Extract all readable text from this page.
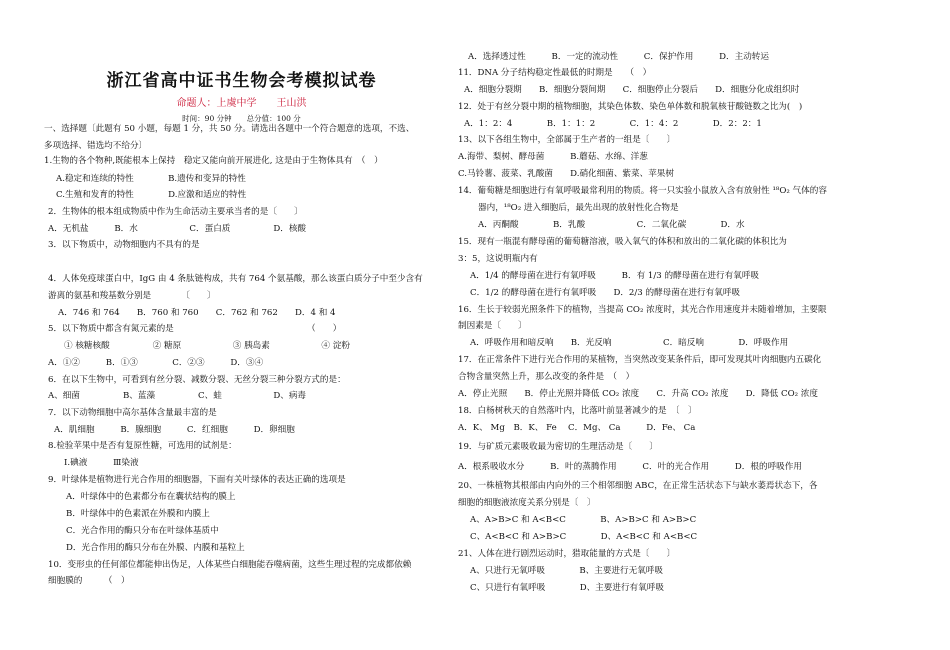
浙江省高中证书生物会考模拟试卷
命题人：上虞中学　　王山洪
时间：90 分钟　　总分值：100 分
一、选择题〔此题有 50 小题，每题 1 分，共 50 分。请选出各题中一个符合题意的选项，不选、
多项选择、错选均不给分〕
1.生物的各个物种,既能根本上保持　稳定又能向前开展进化, 这是由于生物体具有　（　）
A.稳定和连续的特性　　　　B.遗传和变异的特性
C.生殖和发育的特性　　　　D.应激和适应的特性
2．生物体的根本组成物质中作为生命活动主要承当者的是〔　　〕
A．无机盐　　　B．水　　　　　　C．蛋白质　　　　　D．核酸
3．以下物质中，动物细胞内不具有的是
4．人体免疫球蛋白中，IgG 由 4 条肽链构成，共有 764 个氨基酸，那么该蛋白质分子中至少含有
游离的氨基和羧基数分别是　　　　〔　　〕
A．746 和 764　　B．760 和 760　　C．762 和 762　　D．4 和 4
5．以下物质中都含有氮元素的是　　　　　　　　　　　　　　　　（　　）
① 核糖核酸　　　　　② 糖原　　　　　　③ 胰岛素　　　　　　④ 淀粉
A．①②　　　B．①③　　　　C．②③　　　D．③④
6．在以下生物中，可看到有丝分裂、减数分裂、无丝分裂三种分裂方式的是：
A、细菌　　　　　B、蓝藻　　　　　C、蛙　　　　　　D、病毒
7．以下动物细胞中高尔基体含量最丰富的是
A．肌细胞　　　B．腺细胞　　　C．红细胞　　　D．卵细胞
8.检验苹果中是否有复原性糖，可选用的试剂是：
Ⅰ.碘液　　　Ⅲ染液
9．叶绿体是植物进行光合作用的细胞器，下面有关叶绿体的表达正确的选项是
A．叶绿体中的色素都分布在囊状结构的膜上
B．叶绿体中的色素派在外膜和内膜上
C．光合作用的酶只分布在叶绿体基质中
D．光合作用的酶只分布在外膜、内膜和基粒上
10．变形虫的任何部位都能伸出伪足，人体某些白细胞能吞噬病菌，这些生理过程的完成都依赖
细胞膜的　　　（　）
A．选择透过性　　　B．一定的流动性　　　C．保护作用　　　D．主动转运
11．DNA 分子结构稳定性最低的时期是　　（　）
A．细胞分裂期　　B．细胞分裂间期　　C．细胞停止分裂后　　D．细胞分化成组织时
12．处于有丝分裂中期的植物细胞，其染色体数、染色单体数和脱氧核苷酸链数之比为(　)
A．1：2：4　　　　B．1：1：2　　　　C．1：4：2　　　　D．2：2：1
13、以下各组生物中，全部属于生产者的一组是〔　　〕
A.海带、梨树、酵母菌　　　B.蘑菇、水绵、洋葱
C.马铃薯、菠菜、乳酸菌　　D.硝化细菌、紫菜、苹果树
14．葡萄糖是细胞进行有氧呼吸最常利用的物质。将一只实验小鼠放入含有放射性 ¹⁸O₂ 气体的容
器内，¹⁸O₂ 进入细胞后，最先出现的放射性化合物是
A．丙酮酸　　　　B．乳酸　　　　　　C．二氧化碳　　　　D．水
15．现有一瓶混有酵母菌的葡萄糖溶液，吸入氧气的体积和放出的二氧化碳的体积比为
3：5，这说明瓶内有
A．1/4 的酵母菌在进行有氧呼吸　　　B．有 1/3 的酵母菌在进行有氧呼吸
C．1/2 的酵母菌在进行有氧呼吸　　D．2/3 的酵母菌在进行有氧呼吸
16．生长于较弱光照条件下的植物，当提高 CO₂ 浓度时，其光合作用速度并未随着增加，主要限
制因素是〔　　〕
A．呼吸作用和暗反响　　B．光反响　　　　　　C．暗反响　　　　D．呼吸作用
17．在正常条件下进行光合作用的某植物，当突然改变某条件后，即可发现其叶肉细胞内五碳化
合物含量突然上升，那么改变的条件是　（　）
A．停止光照　　B．停止光照并降低 CO₂ 浓度　　C．升高 CO₂ 浓度　　D．降低 CO₂ 浓度
18．白杨树秋天的自然落叶内，比落叶前显著减少的是　〔　〕
A．K、 Mg　B．K、 Fe　 C．Mg、 Ca　　　D．Fe、 Ca
19．与矿质元素吸收最为密切的生理活动是〔　　〕
A．根系吸收水分　　　B．叶的蒸腾作用　　　C．叶的光合作用　　　D．根的呼吸作用
20、一株植物其根部由内向外的三个相邻细胞 ABC，在正常生活状态下与缺水萎焉状态下，各
细胞的细胞液浓度关系分别是〔　〕
A、A>B>C 和 A<B<C　　　　B、A>B>C 和 A>B>C
C、A<B<C 和 A>B>C　　　　D、A<B<C 和 A<B<C
21、人体在进行剧烈运动时，猎取能量的方式是〔　　〕
A、只进行无氧呼吸　　　　B、主要进行无氧呼吸
C、只进行有氧呼吸　　　　D、主要进行有氧呼吸
